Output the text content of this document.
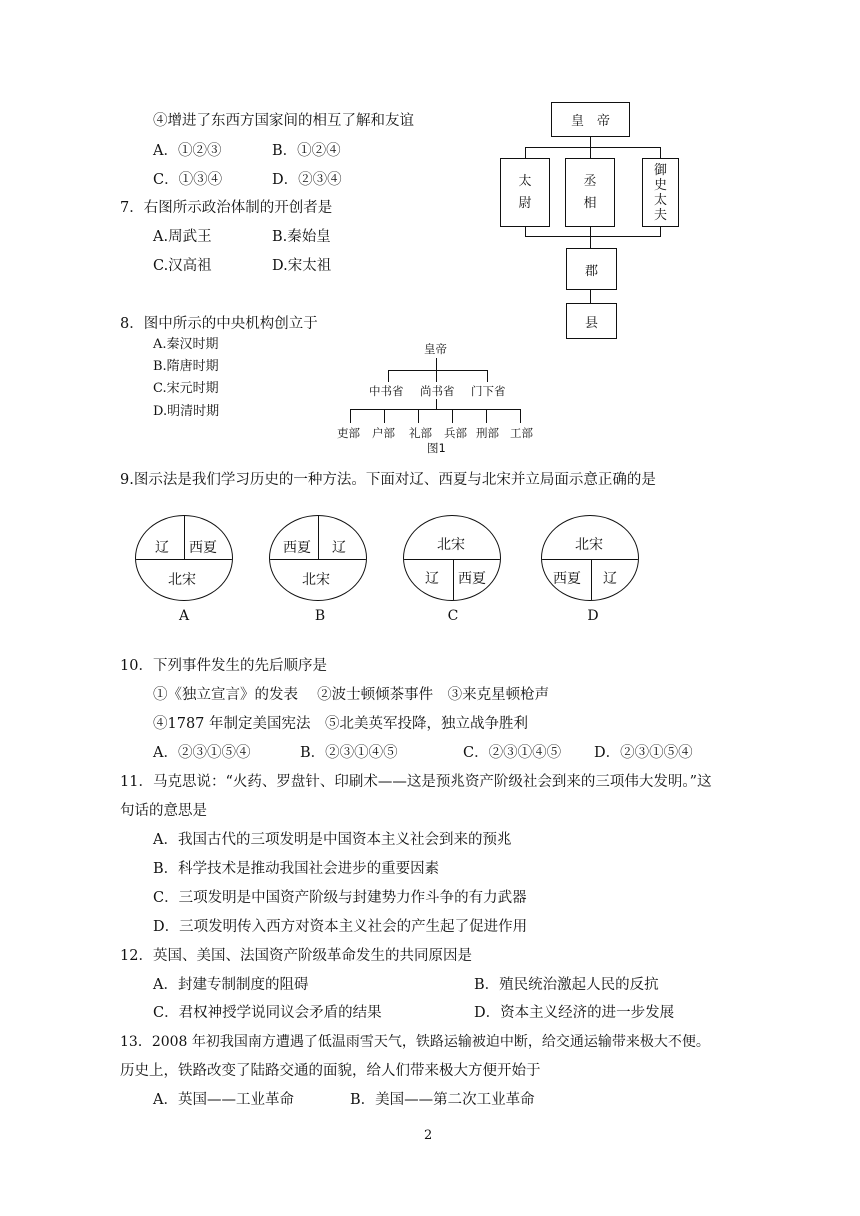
④增进了东西方国家间的相互了解和友谊
A．①②③	B．①②④
C．①③④	D．②③④
7．右图所示政治体制的开创者是
A.周武王	B.秦始皇
C.汉高祖	D.宋太祖
皇　帝
太
尉
丞
相
御
史
太
夫
郡
县
8．图中所示的中央机构创立于
A.秦汉时期
B.隋唐时期
C.宋元时期
D.明清时期
皇帝
中书省 尚书省 门下省
吏部 户部 礼部 兵部 刑部 工部
图1
9.图示法是我们学习历史的一种方法。下面对辽、西夏与北宋并立局面示意正确的是
辽 西夏
北宋
A
西夏 辽
北宋
B
北宋
辽 西夏
C
北宋
西夏 辽
D
10．下列事件发生的先后顺序是
①《独立宣言》的发表　 ②波士顿倾茶事件　③来克星顿枪声
④1787 年制定美国宪法　⑤北美英军投降，独立战争胜利
A．②③①⑤④	B．②③①④⑤	C．②③①④⑤ D．②③①⑤④
11．马克思说：“火药、罗盘针、印刷术——这是预兆资产阶级社会到来的三项伟大发明。”这
句话的意思是
A．我国古代的三项发明是中国资本主义社会到来的预兆
B．科学技术是推动我国社会进步的重要因素
C．三项发明是中国资产阶级与封建势力作斗争的有力武器
D．三项发明传入西方对资本主义社会的产生起了促进作用
12．英国、美国、法国资产阶级革命发生的共同原因是
A．封建专制制度的阻碍	B．殖民统治激起人民的反抗
C．君权神授学说同议会矛盾的结果	D．资本主义经济的进一步发展
13．2008 年初我国南方遭遇了低温雨雪天气，铁路运输被迫中断，给交通运输带来极大不便。
历史上，铁路改变了陆路交通的面貌，给人们带来极大方便开始于
A．英国——工业革命	B．美国——第二次工业革命
2
